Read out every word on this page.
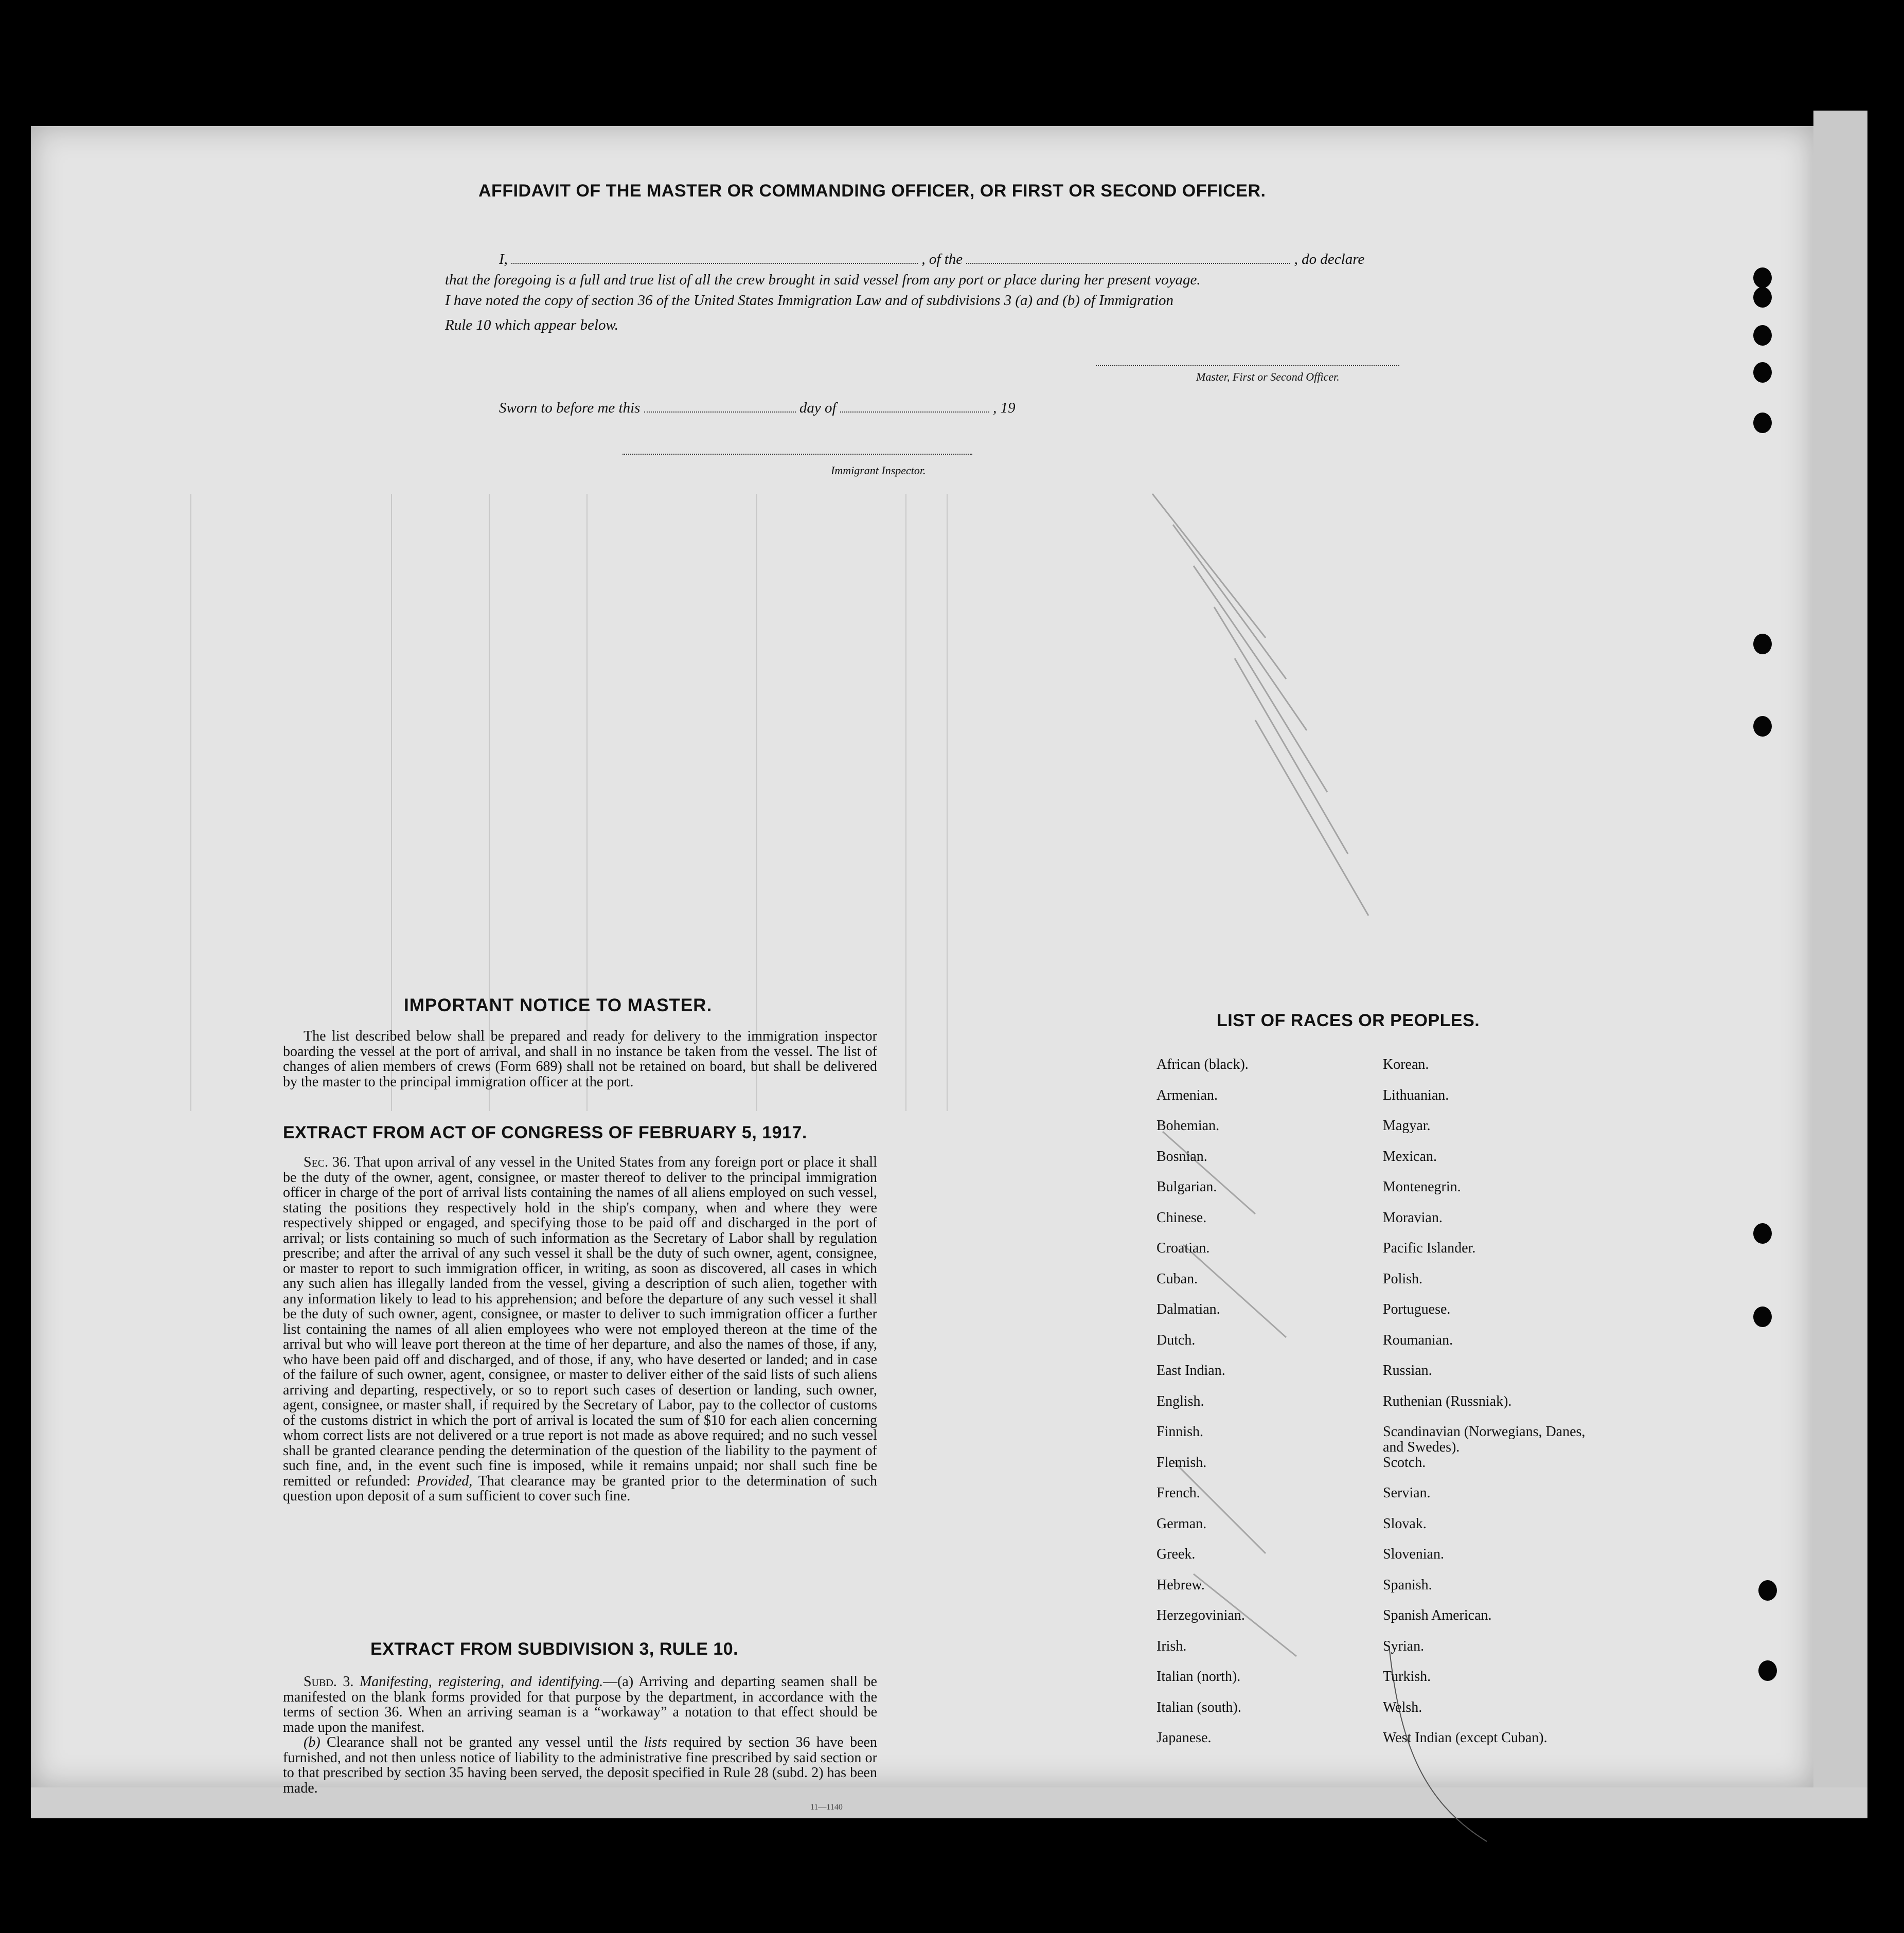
AFFIDAVIT OF THE MASTER OR COMMANDING OFFICER, OR FIRST OR SECOND OFFICER.
I,	, of the	, do declare
that the foregoing is a full and true list of all the crew brought in said vessel from any port or place during her present voyage.
I have noted the copy of section 36 of the United States Immigration Law and of subdivisions 3 (a) and (b) of Immigration
Rule 10 which appear below.
Master, First or Second Officer.
Sworn to before me this	day of	, 19
Immigrant Inspector.
IMPORTANT NOTICE TO MASTER.

The list described below shall be prepared and ready for delivery to the immigration inspector boarding the vessel at the port of arrival, and shall in no instance be taken from the vessel. The list of changes of alien members of crews (Form 689) shall not be retained on board, but shall be delivered by the master to the principal immigration officer at the port.

EXTRACT FROM ACT OF CONGRESS OF FEBRUARY 5, 1917.

Sec. 36. That upon arrival of any vessel in the United States from any foreign port or place it shall be the duty of the owner, agent, consignee, or master thereof to deliver to the principal immigration officer in charge of the port of arrival lists containing the names of all aliens employed on such vessel, stating the positions they respectively hold in the ship's company, when and where they were respectively shipped or engaged, and specifying those to be paid off and discharged in the port of arrival; or lists containing so much of such information as the Secretary of Labor shall by regulation prescribe; and after the arrival of any such vessel it shall be the duty of such owner, agent, consignee, or master to report to such immigration officer, in writing, as soon as discovered, all cases in which any such alien has illegally landed from the vessel, giving a description of such alien, together with any information likely to lead to his apprehension; and before the departure of any such vessel it shall be the duty of such owner, agent, consignee, or master to deliver to such immigration officer a further list containing the names of all alien employees who were not employed thereon at the time of the arrival but who will leave port thereon at the time of her departure, and also the names of those, if any, who have been paid off and discharged, and of those, if any, who have deserted or landed; and in case of the failure of such owner, agent, consignee, or master to deliver either of the said lists of such aliens arriving and departing, respectively, or so to report such cases of desertion or landing, such owner, agent, consignee, or master shall, if required by the Secretary of Labor, pay to the collector of customs of the customs district in which the port of arrival is located the sum of $10 for each alien concerning whom correct lists are not delivered or a true report is not made as above required; and no such vessel shall be granted clearance pending the determination of the question of the liability to the payment of such fine, and, in the event such fine is imposed, while it remains unpaid; nor shall such fine be remitted or refunded: Provided, That clearance may be granted prior to the determination of such question upon deposit of a sum sufficient to cover such fine.

EXTRACT FROM SUBDIVISION 3, RULE 10.

Subd. 3. Manifesting, registering, and identifying.—(a) Arriving and departing seamen shall be manifested on the blank forms provided for that purpose by the department, in accordance with the terms of section 36. When an arriving seaman is a “workaway” a notation to that effect should be made upon the manifest.

(b) Clearance shall not be granted any vessel until the lists required by section 36 have been furnished, and not then unless notice of liability to the administrative fine prescribed by said section or to that prescribed by section 35 having been served, the deposit specified in Rule 28 (subd. 2) has been made.

11—1140
LIST OF RACES OR PEOPLES.
African (black).
Armenian.
Bohemian.
Bosnian.
Bulgarian.
Chinese.
Croatian.
Cuban.
Dalmatian.
Dutch.
East Indian.
English.
Finnish.
Flemish.
French.
German.
Greek.
Hebrew.
Herzegovinian.
Irish.
Italian (north).
Italian (south).
Japanese.
Korean.
Lithuanian.
Magyar.
Mexican.
Montenegrin.
Moravian.
Pacific Islander.
Polish.
Portuguese.
Roumanian.
Russian.
Ruthenian (Russniak).
Scandinavian (Norwegians, Danes, and Swedes).
Scotch.
Servian.
Slovak.
Slovenian.
Spanish.
Spanish American.
Syrian.
Turkish.
Welsh.
West Indian (except Cuban).
